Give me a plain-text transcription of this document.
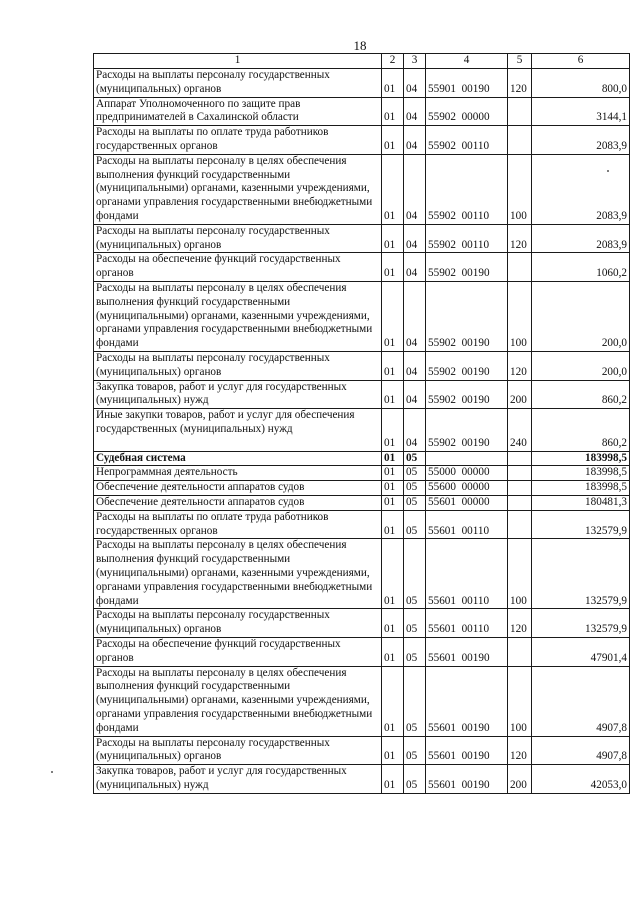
18
1	2	3	4	5	6
Расходы на выплаты персоналу государственных (муниципальных) органов	01	04	55901  00190	120	800,0
Аппарат Уполномоченного по защите прав предпринимателей в Сахалинской области	01	04	55902  00000		3144,1
Расходы на выплаты по оплате труда работников государственных органов	01	04	55902  00110		2083,9
Расходы на выплаты персоналу в целях обеспечения выполнения функций государственными (муниципальными) органами, казенными учреждениями, органами управления государственными внебюджетными фондами	01	04	55902  00110	100	2083,9
Расходы на выплаты персоналу государственных (муниципальных) органов	01	04	55902  00110	120	2083,9
Расходы на обеспечение функций государственных органов	01	04	55902  00190		1060,2
Расходы на выплаты персоналу в целях обеспечения выполнения функций государственными (муниципальными) органами, казенными учреждениями, органами управления государственными внебюджетными фондами	01	04	55902  00190	100	200,0
Расходы на выплаты персоналу государственных (муниципальных) органов	01	04	55902  00190	120	200,0
Закупка товаров, работ и услуг для государственных (муниципальных) нужд	01	04	55902  00190	200	860,2
Иные закупки товаров, работ и услуг для обеспечения государственных (муниципальных) нужд	01	04	55902  00190	240	860,2
Судебная система	01	05			183998,5
Непрограммная деятельность	01	05	55000  00000		183998,5
Обеспечение деятельности аппаратов судов	01	05	55600  00000		183998,5
Обеспечение деятельности аппаратов судов	01	05	55601  00000		180481,3
Расходы на выплаты по оплате труда работников государственных органов	01	05	55601  00110		132579,9
Расходы на выплаты персоналу в целях обеспечения выполнения функций государственными (муниципальными) органами, казенными учреждениями, органами управления государственными внебюджетными фондами	01	05	55601  00110	100	132579,9
Расходы на выплаты персоналу государственных (муниципальных) органов	01	05	55601  00110	120	132579,9
Расходы на обеспечение функций государственных органов	01	05	55601  00190		47901,4
Расходы на выплаты персоналу в целях обеспечения выполнения функций государственными (муниципальными) органами, казенными учреждениями, органами управления государственными внебюджетными фондами	01	05	55601  00190	100	4907,8
Расходы на выплаты персоналу государственных (муниципальных) органов	01	05	55601  00190	120	4907,8
Закупка товаров, работ и услуг для государственных (муниципальных) нужд	01	05	55601  00190	200	42053,0
